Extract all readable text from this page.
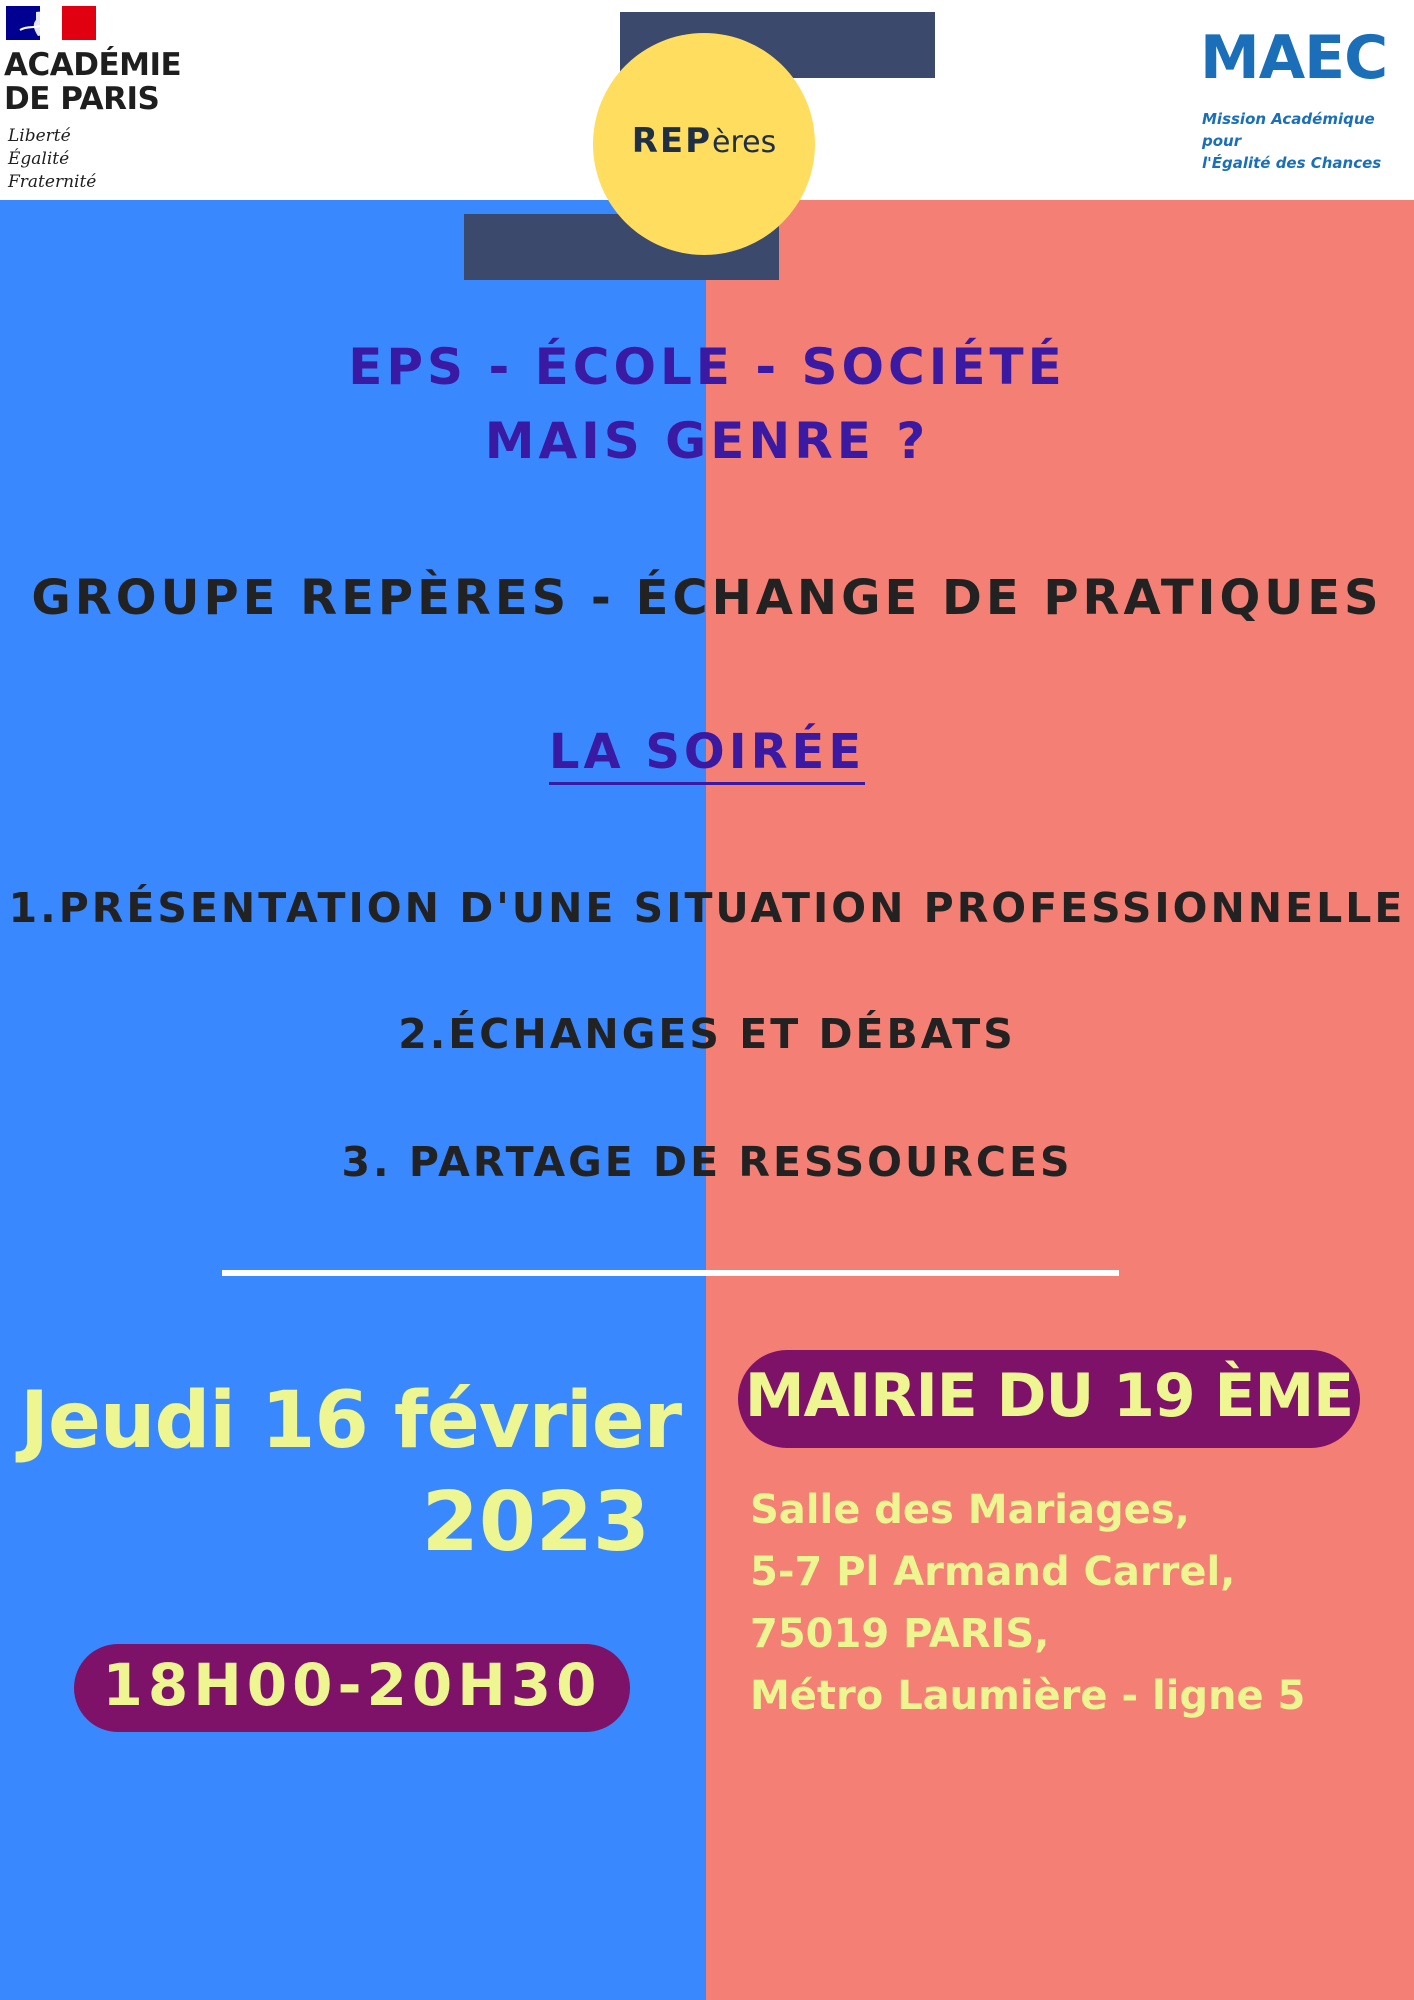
ACADÉMIE
DE PARIS
Liberté
Égalité
Fraternité
MAEC
Mission Académique
pour
l'Égalité des Chances
REPères
EPS - ÉCOLE - SOCIÉTÉ
MAIS GENRE ?
GROUPE REPÈRES - ÉCHANGE DE PRATIQUES
LA SOIRÉE
1.PRÉSENTATION D'UNE SITUATION PROFESSIONNELLE
2.ÉCHANGES ET DÉBATS
3. PARTAGE DE RESSOURCES
Jeudi 16 février
2023
18H00-20H30
MAIRIE DU 19 ÈME
Salle des Mariages,
5-7 Pl Armand Carrel,
75019 PARIS,
Métro Laumière - ligne 5
